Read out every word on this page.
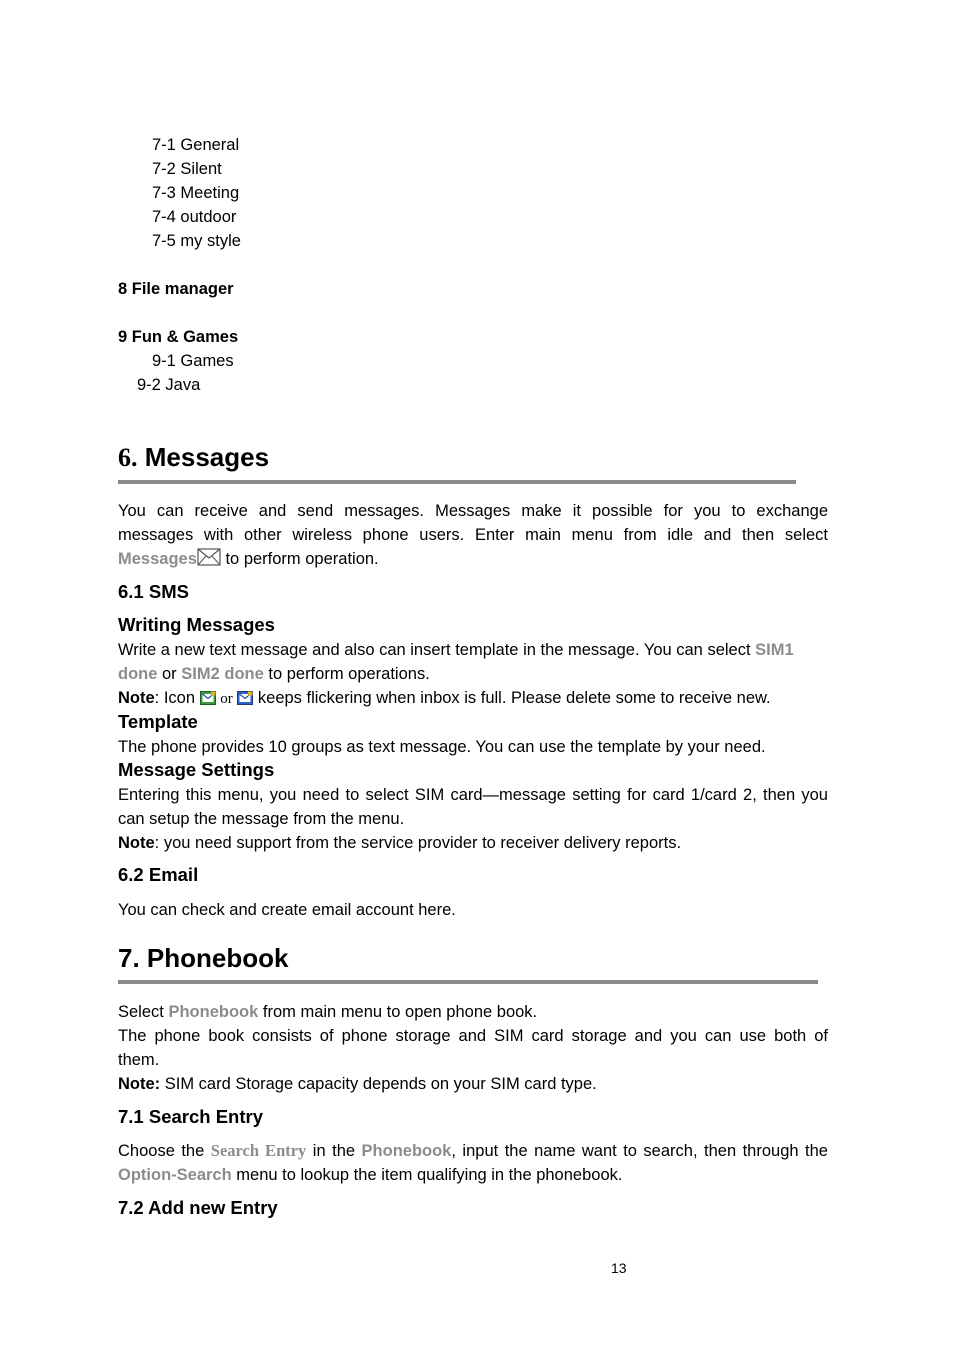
7-1 General
7-2 Silent
7-3 Meeting
7-4 outdoor
7-5 my style
8 File manager
9 Fun & Games
9-1 Games
9-2 Java
6. Messages
You can receive and send messages. Messages make it possible for you to exchange
messages with other wireless phone users. Enter main menu from idle and then select
Messages to perform operation.
6.1 SMS
Writing Messages
Write a new text message and also can insert template in the message. You can select SIM1
done or SIM2 done to perform operations.
Note: Icon  or  keeps flickering when inbox is full. Please delete some to receive new.
Template
The phone provides 10 groups as text message. You can use the template by your need.
Message Settings
Entering this menu, you need to select SIM card—message setting for card 1/card 2, then you
can setup the message from the menu.
Note: you need support from the service provider to receiver delivery reports.
6.2 Email
You can check and create email account here.
7. Phonebook
Select Phonebook from main menu to open phone book.
The phone book consists of phone storage and SIM card storage and you can use both of
them.
Note: SIM card Storage capacity depends on your SIM card type.
7.1 Search Entry
Choose the Search Entry in the Phonebook, input the name want to search, then through the
Option-Search menu to lookup the item qualifying in the phonebook.
7.2 Add new Entry
13
